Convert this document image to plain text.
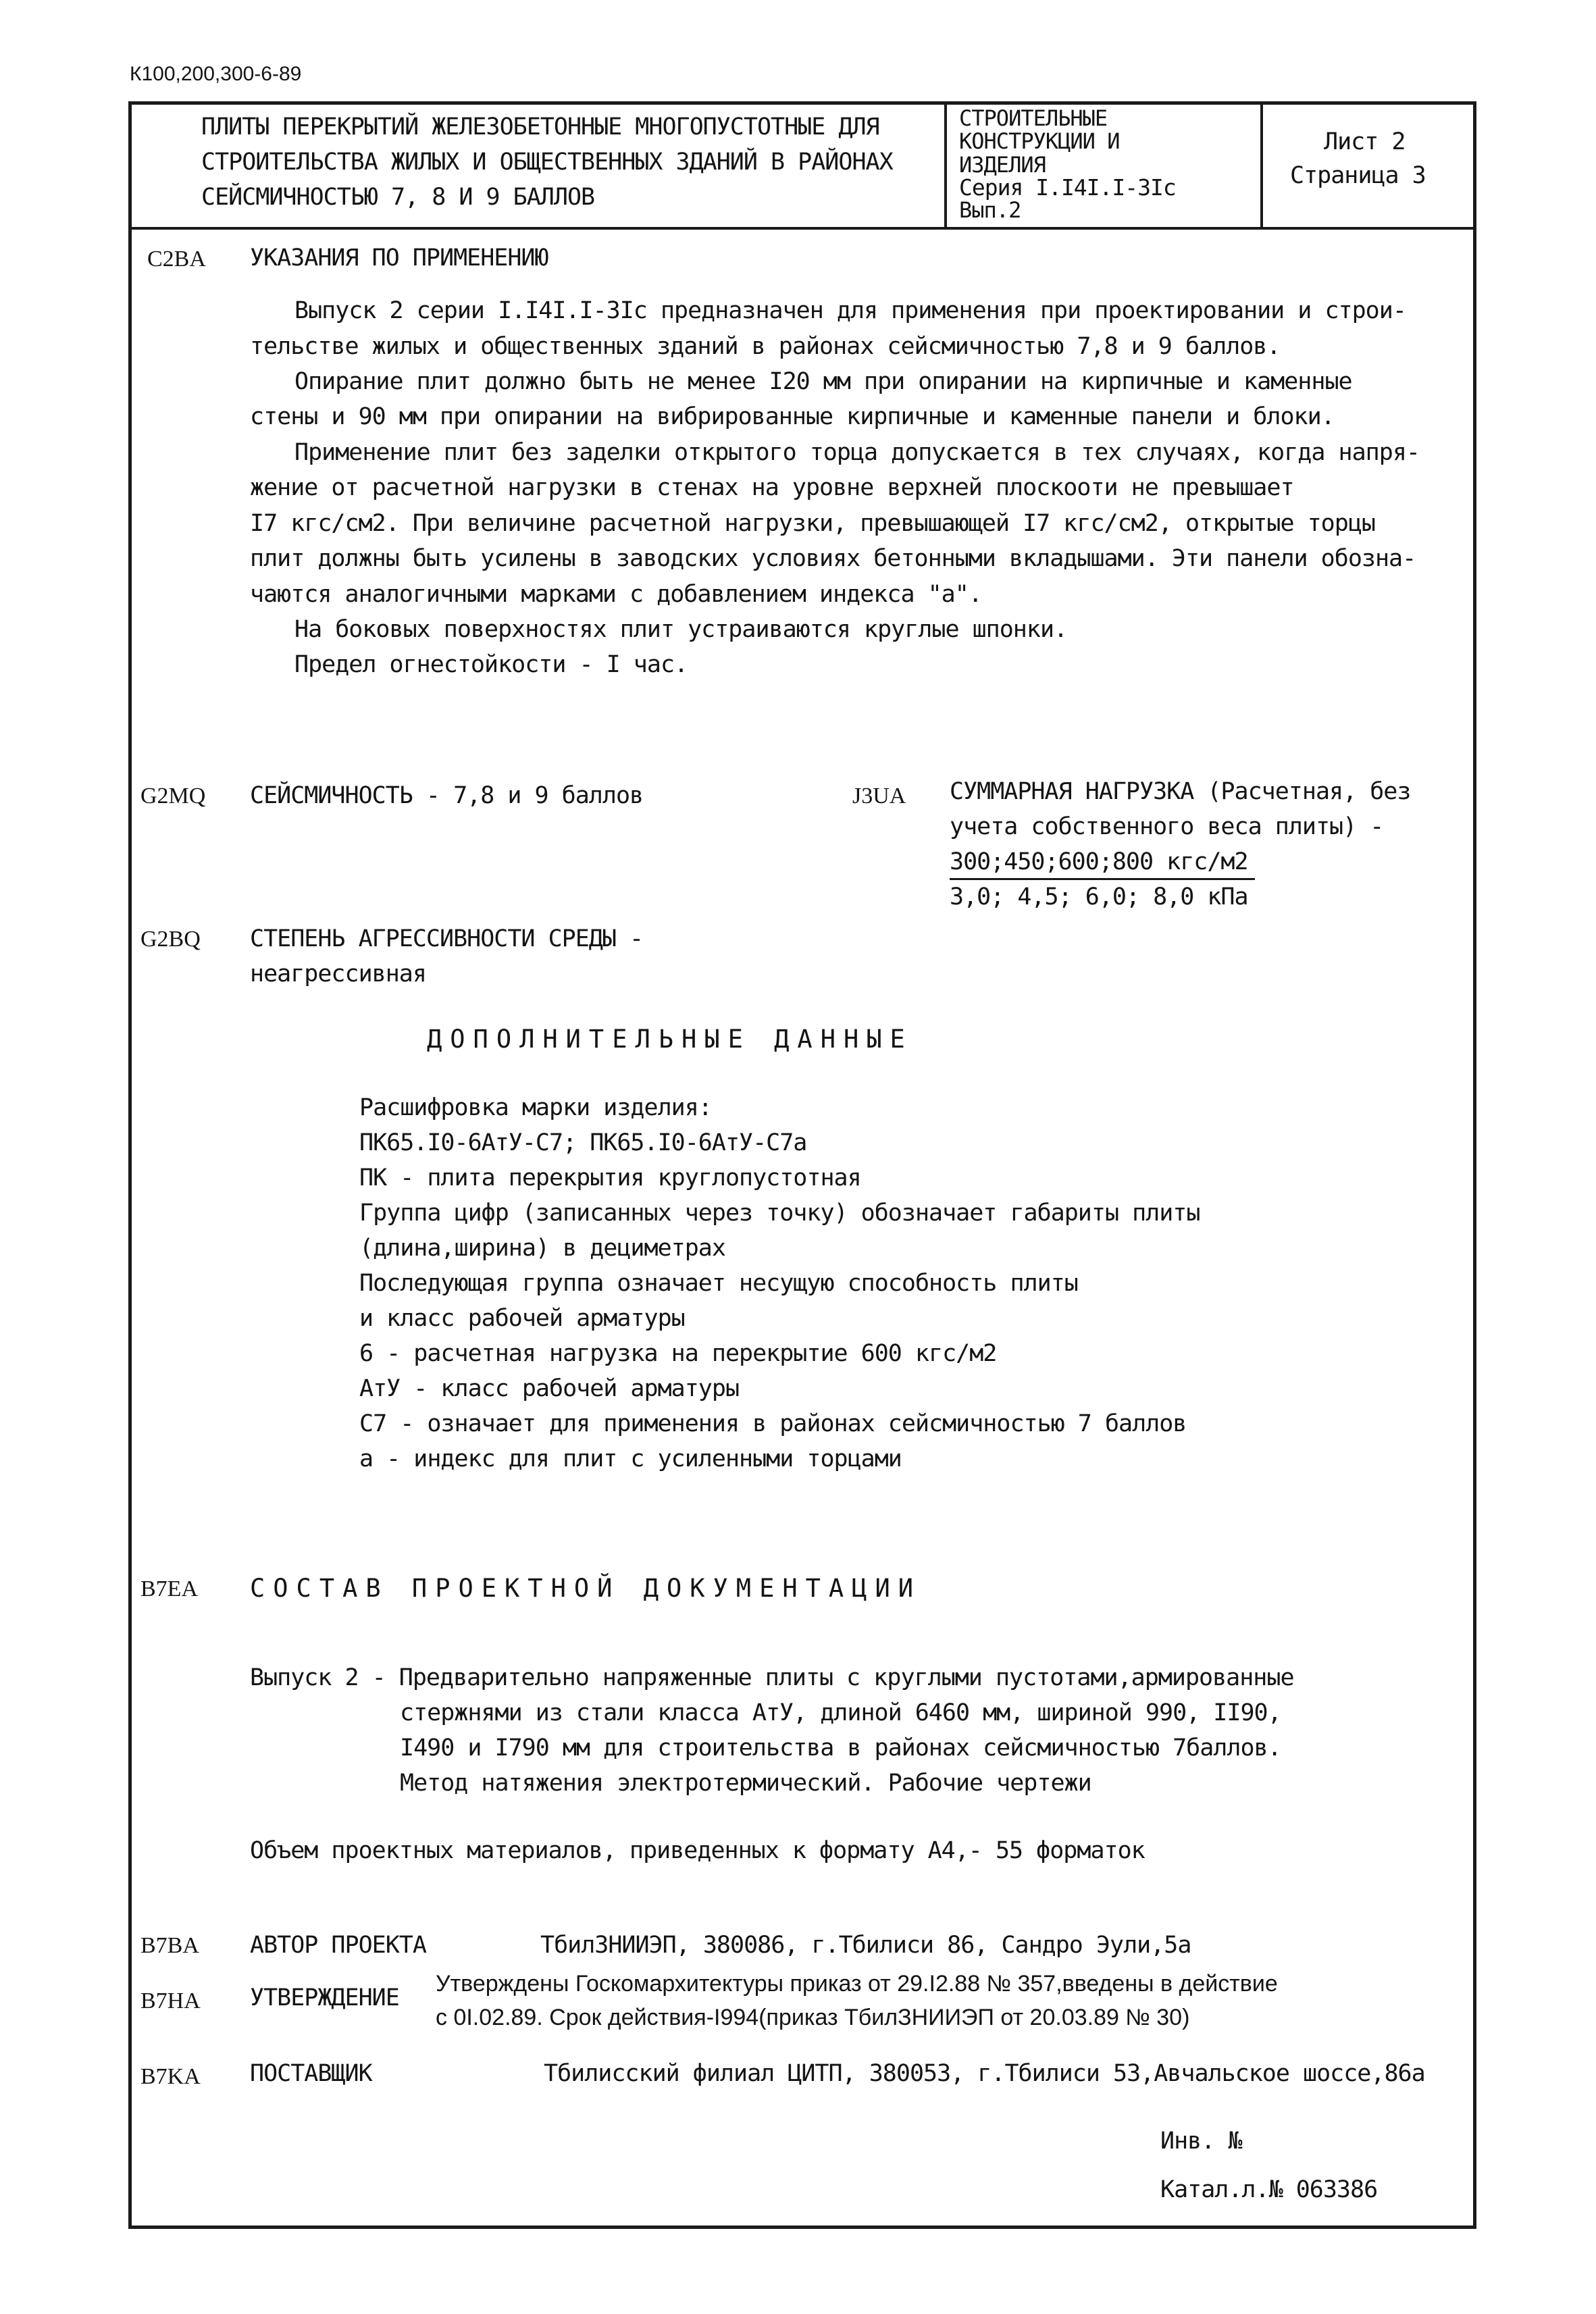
К100,200,300-6-89
ПЛИТЫ ПЕРЕКРЫТИЙ ЖЕЛЕЗОБЕТОННЫЕ МНОГОПУСТОТНЫЕ ДЛЯ
СТРОИТЕЛЬСТВА ЖИЛЫХ И ОБЩЕСТВЕННЫХ ЗДАНИЙ В РАЙОНАХ
СЕЙСМИЧНОСТЬЮ 7, 8 И 9 БАЛЛОВ
СТРОИТЕЛЬНЫЕ
КОНСТРУКЦИИ И
ИЗДЕЛИЯ
Серия I.I4I.I-3Iс
Вып.2
Лист 2
Страница 3
C2BA УКАЗАНИЯ ПО ПРИМЕНЕНИЮ
Выпуск 2 серии I.I4I.I-3Iс предназначен для применения при проектировании и строи-
тельстве жилых и общественных зданий в районах сейсмичностью 7,8 и 9 баллов.
Опирание плит должно быть не менее I20 мм при опирании на кирпичные и каменные
стены и 90 мм при опирании на вибрированные кирпичные и каменные панели и блоки.
Применение плит без заделки открытого торца допускается в тех случаях, когда напря-
жение от расчетной нагрузки в стенах на уровне верхней плоскооти не превышает
I7 кгс/см2. При величине расчетной нагрузки, превышающей I7 кгс/см2, открытые торцы
плит должны быть усилены в заводских условиях бетонными вкладышами. Эти панели обозна-
чаются аналогичными марками с добавлением индекса "а".
На боковых поверхностях плит устраиваются круглые шпонки.
Предел огнестойкости - I час.
G2MQ СЕЙСМИЧНОСТЬ - 7,8 и 9 баллов	J3UA СУММАРНАЯ НАГРУЗКА (Расчетная, без
учета собственного веса плиты) -
300;450;600;800 кгс/м2
3,0; 4,5; 6,0; 8,0 кПа
G2BQ СТЕПЕНЬ АГРЕССИВНОСТИ СРЕДЫ -
неагрессивная
ДОПОЛНИТЕЛЬНЫЕ ДАННЫЕ
Расшифровка марки изделия:
ПК65.I0-6АтУ-С7; ПК65.I0-6АтУ-С7а
ПК - плита перекрытия круглопустотная
Группа цифр (записанных через точку) обозначает габариты плиты
(длина,ширина) в дециметрах
Последующая группа означает несущую способность плиты
и класс рабочей арматуры
6 - расчетная нагрузка на перекрытие 600 кгс/м2
АтУ - класс рабочей арматуры
С7 - означает для применения в районах сейсмичностью 7 баллов
а - индекс для плит с усиленными торцами
B7EA СОСТАВ ПРОЕКТНОЙ ДОКУМЕНТАЦИИ
Выпуск 2 - Предварительно напряженные плиты с круглыми пустотами,армированные
стержнями из стали класса АтУ, длиной 6460 мм, шириной 990, II90,
I490 и I790 мм для строительства в районах сейсмичностью 7баллов.
Метод натяжения электротермический. Рабочие чертежи
Объем проектных материалов, приведенных к формату А4,- 55 форматок
B7BA АВТОР ПРОЕКТА	ТбилЗНИИЭП, 380086, г.Тбилиси 86, Сандро Эули,5а
B7HA УТВЕРЖДЕНИЕ
Утверждены Госкомархитектуры приказ от 29.I2.88 № 357,введены в действие
с 0I.02.89. Срок действия-I994(приказ ТбилЗНИИЭП от 20.03.89 № 30)
B7KA ПОСТАВЩИК	Тбилисский филиал ЦИТП, 380053, г.Тбилиси 53,Авчальское шоссе,86а
Инв. №
Катал.л.№ 063386
